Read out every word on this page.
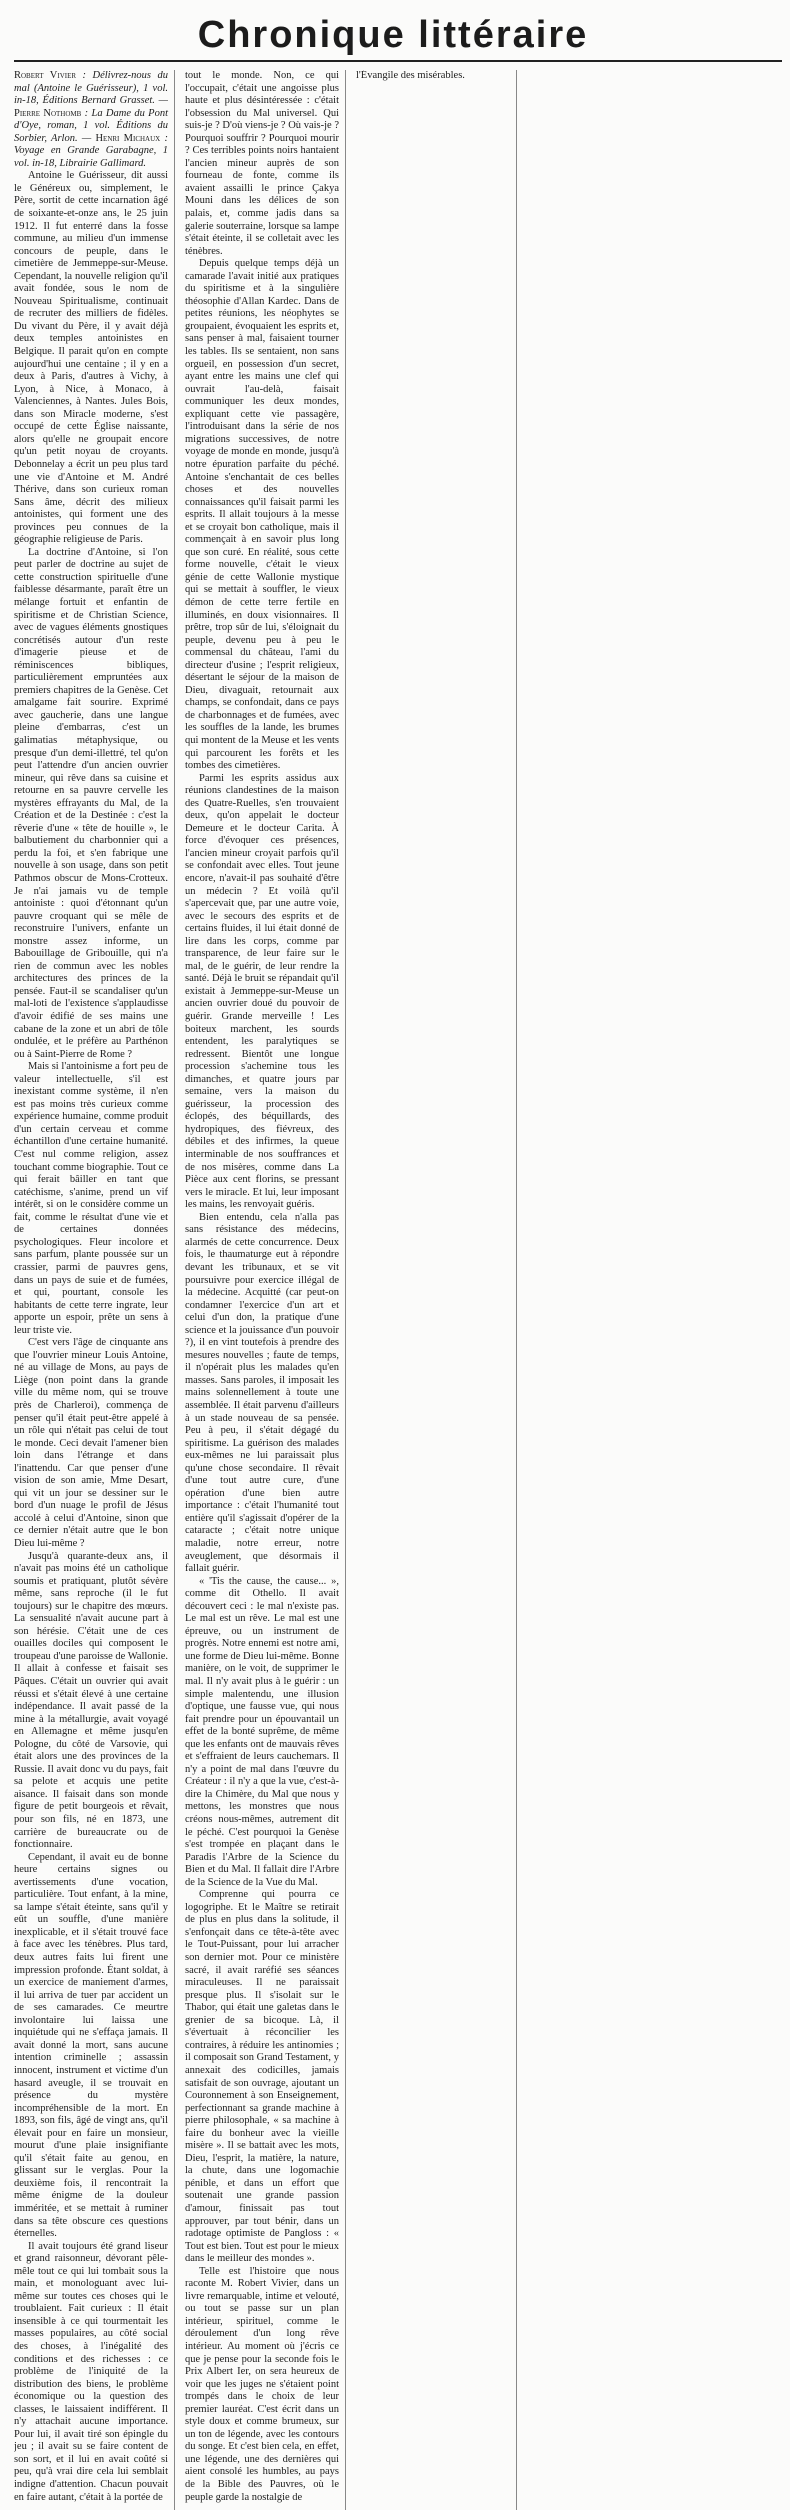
Chronique littéraire

Robert Vivier : Délivrez-nous du mal (Antoine le Guérisseur), 1 vol. in-18, Éditions Bernard Grasset. — Pierre Nothomb : La Dame du Pont d'Oye, roman, 1 vol. Éditions du Sorbier, Arlon. — Henri Michaux : Voyage en Grande Garabagne, 1 vol. in-18, Librairie Gallimard.

Antoine le Guérisseur, dit aussi le Généreux ou, simplement, le Père, sortit de cette incarnation âgé de soixante-et-onze ans, le 25 juin 1912. Il fut enterré dans la fosse commune, au milieu d'un immense concours de peuple, dans le cimetière de Jemmeppe-sur-Meuse. Cependant, la nouvelle religion qu'il avait fondée, sous le nom de Nouveau Spiritualisme, continuait de recruter des milliers de fidèles. Du vivant du Père, il y avait déjà deux temples antoinistes en Belgique. Il parait qu'on en compte aujourd'hui une centaine ; il y en a deux à Paris, d'autres à Vichy, à Lyon, à Nice, à Monaco, à Valenciennes, à Nantes. Jules Bois, dans son Miracle moderne, s'est occupé de cette Église naissante, alors qu'elle ne groupait encore qu'un petit noyau de croyants. Debonnelay a écrit un peu plus tard une vie d'Antoine et M. André Thérive, dans son curieux roman Sans âme, décrit des milieux antoinistes, qui forment une des provinces peu connues de la géographie religieuse de Paris.

La doctrine d'Antoine, si l'on peut parler de doctrine au sujet de cette construction spirituelle d'une faiblesse désarmante, paraît être un mélange fortuit et enfantin de spiritisme et de Christian Science, avec de vagues éléments gnostiques concrétisés autour d'un reste d'imagerie pieuse et de réminiscences bibliques, particulièrement empruntées aux premiers chapitres de la Genèse. Cet amalgame fait sourire. Exprimé avec gaucherie, dans une langue pleine d'embarras, c'est un galimatias métaphysique, ou presque d'un demi-illettré, tel qu'on peut l'attendre d'un ancien ouvrier mineur, qui rêve dans sa cuisine et retourne en sa pauvre cervelle les mystères effrayants du Mal, de la Création et de la Destinée : c'est la rêverie d'une « tête de houille », le balbutiement du charbonnier qui a perdu la foi, et s'en fabrique une nouvelle à son usage, dans son petit Pathmos obscur de Mons-Crotteux. Je n'ai jamais vu de temple antoiniste : quoi d'étonnant qu'un pauvre croquant qui se mêle de reconstruire l'univers, enfante un monstre assez informe, un Babouillage de Gribouille, qui n'a rien de commun avec les nobles architectures des princes de la pensée. Faut-il se scandaliser qu'un mal-loti de l'existence s'applaudisse d'avoir édifié de ses mains une cabane de la zone et un abri de tôle ondulée, et le préfère au Parthénon ou à Saint-Pierre de Rome ?

Mais si l'antoinisme a fort peu de valeur intellectuelle, s'il est inexistant comme système, il n'en est pas moins très curieux comme expérience humaine, comme produit d'un certain cerveau et comme échantillon d'une certaine humanité. C'est nul comme religion, assez touchant comme biographie. Tout ce qui ferait bâiller en tant que catéchisme, s'anime, prend un vif intérêt, si on le considère comme un fait, comme le résultat d'une vie et de certaines données psychologiques. Fleur incolore et sans parfum, plante poussée sur un crassier, parmi de pauvres gens, dans un pays de suie et de fumées, et qui, pourtant, console les habitants de cette terre ingrate, leur apporte un espoir, prête un sens à leur triste vie.

C'est vers l'âge de cinquante ans que l'ouvrier mineur Louis Antoine, né au village de Mons, au pays de Liège (non point dans la grande ville du même nom, qui se trouve près de Charleroi), commença de penser qu'il était peut-être appelé à un rôle qui n'était pas celui de tout le monde. Ceci devait l'amener bien loin dans l'étrange et dans l'inattendu. Car que penser d'une vision de son amie, Mme Desart, qui vit un jour se dessiner sur le bord d'un nuage le profil de Jésus accolé à celui d'Antoine, sinon que ce dernier n'était autre que le bon Dieu lui-même ?

Jusqu'à quarante-deux ans, il n'avait pas moins été un catholique soumis et pratiquant, plutôt sévère même, sans reproche (il le fut toujours) sur le chapitre des mœurs. La sensualité n'avait aucune part à son hérésie. C'était une de ces ouailles dociles qui composent le troupeau d'une paroisse de Wallonie. Il allait à confesse et faisait ses Pâques. C'était un ouvrier qui avait réussi et s'était élevé à une certaine indépendance. Il avait passé de la mine à la métallurgie, avait voyagé en Allemagne et même jusqu'en Pologne, du côté de Varsovie, qui était alors une des provinces de la Russie. Il avait donc vu du pays, fait sa pelote et acquis une petite aisance. Il faisait dans son monde figure de petit bourgeois et rêvait, pour son fils, né en 1873, une carrière de bureaucrate ou de fonctionnaire.

Cependant, il avait eu de bonne heure certains signes ou avertissements d'une vocation, particulière. Tout enfant, à la mine, sa lampe s'était éteinte, sans qu'il y eût un souffle, d'une manière inexplicable, et il s'était trouvé face à face avec les ténèbres. Plus tard, deux autres faits lui firent une impression profonde. Étant soldat, à un exercice de maniement d'armes, il lui arriva de tuer par accident un de ses camarades. Ce meurtre involontaire lui laissa une inquiétude qui ne s'effaça jamais. Il avait donné la mort, sans aucune intention criminelle ; assassin innocent, instrument et victime d'un hasard aveugle, il se trouvait en présence du mystère incompréhensible de la mort. En 1893, son fils, âgé de vingt ans, qu'il élevait pour en faire un monsieur, mourut d'une plaie insignifiante qu'il s'était faite au genou, en glissant sur le verglas. Pour la deuxième fois, il rencontrait la même énigme de la douleur imméritée, et se mettait à ruminer dans sa tête obscure ces questions éternelles.

Il avait toujours été grand liseur et grand raisonneur, dévorant pêle-mêle tout ce qui lui tombait sous la main, et monologuant avec lui-même sur toutes ces choses qui le troublaient. Fait curieux : Il était insensible à ce qui tourmentait les masses populaires, au côté social des choses, à l'inégalité des conditions et des richesses : ce problème de l'iniquité de la distribution des biens, le problème économique ou la question des classes, le laissaient indifférent. Il n'y attachait aucune importance. Pour lui, il avait tiré son épingle du jeu ; il avait su se faire content de son sort, et il lui en avait coûté si peu, qu'à vrai dire cela lui semblait indigne d'attention. Chacun pouvait en faire autant, c'était à la portée de

tout le monde. Non, ce qui l'occupait, c'était une angoisse plus haute et plus désintéressée : c'était l'obsession du Mal universel. Qui suis-je ? D'où viens-je ? Où vais-je ? Pourquoi souffrir ? Pourquoi mourir ? Ces terribles points noirs hantaient l'ancien mineur auprès de son fourneau de fonte, comme ils avaient assailli le prince Çakya Mouni dans les délices de son palais, et, comme jadis dans sa galerie souterraine, lorsque sa lampe s'était éteinte, il se colletait avec les ténèbres.

Depuis quelque temps déjà un camarade l'avait initié aux pratiques du spiritisme et à la singulière théosophie d'Allan Kardec. Dans de petites réunions, les néophytes se groupaient, évoquaient les esprits et, sans penser à mal, faisaient tourner les tables. Ils se sentaient, non sans orgueil, en possession d'un secret, ayant entre les mains une clef qui ouvrait l'au-delà, faisait communiquer les deux mondes, expliquant cette vie passagère, l'introduisant dans la série de nos migrations successives, de notre voyage de monde en monde, jusqu'à notre épuration parfaite du péché. Antoine s'enchantait de ces belles choses et des nouvelles connaissances qu'il faisait parmi les esprits. Il allait toujours à la messe et se croyait bon catholique, mais il commençait à en savoir plus long que son curé. En réalité, sous cette forme nouvelle, c'était le vieux génie de cette Wallonie mystique qui se mettait à souffler, le vieux démon de cette terre fertile en illuminés, en doux visionnaires. Il prêtre, trop sûr de lui, s'éloignait du peuple, devenu peu à peu le commensal du château, l'ami du directeur d'usine ; l'esprit religieux, désertant le séjour de la maison de Dieu, divaguait, retournait aux champs, se confondait, dans ce pays de charbonnages et de fumées, avec les souffles de la lande, les brumes qui montent de la Meuse et les vents qui parcourent les forêts et les tombes des cimetières.

Parmi les esprits assidus aux réunions clandestines de la maison des Quatre-Ruelles, s'en trouvaient deux, qu'on appelait le docteur Demeure et le docteur Carita. À force d'évoquer ces présences, l'ancien mineur croyait parfois qu'il se confondait avec elles. Tout jeune encore, n'avait-il pas souhaité d'être un médecin ? Et voilà qu'il s'apercevait que, par une autre voie, avec le secours des esprits et de certains fluides, il lui était donné de lire dans les corps, comme par transparence, de leur faire sur le mal, de le guérir, de leur rendre la santé. Déjà le bruit se répandait qu'il existait à Jemmeppe-sur-Meuse un ancien ouvrier doué du pouvoir de guérir. Grande merveille ! Les boiteux marchent, les sourds entendent, les paralytiques se redressent. Bientôt une longue procession s'achemine tous les dimanches, et quatre jours par semaine, vers la maison du guérisseur, la procession des éclopés, des béquillards, des hydropiques, des fiévreux, des débiles et des infirmes, la queue interminable de nos souffrances et de nos misères, comme dans La Pièce aux cent florins, se pressant vers le miracle. Et lui, leur imposant les mains, les renvoyait guéris.

Bien entendu, cela n'alla pas sans résistance des médecins, alarmés de cette concurrence. Deux fois, le thaumaturge eut à répondre devant les tribunaux, et se vit poursuivre pour exercice illégal de la médecine. Acquitté (car peut-on condamner l'exercice d'un art et celui d'un don, la pratique d'une science et la jouissance d'un pouvoir ?), il en vint toutefois à prendre des mesures nouvelles ; faute de temps, il n'opérait plus les malades qu'en masses. Sans paroles, il imposait les mains solennellement à toute une assemblée. Il était parvenu d'ailleurs à un stade nouveau de sa pensée. Peu à peu, il s'était dégagé du spiritisme. La guérison des malades eux-mêmes ne lui paraissait plus qu'une chose secondaire. Il rêvait d'une tout autre cure, d'une opération d'une bien autre importance : c'était l'humanité tout entière qu'il s'agissait d'opérer de la cataracte ; c'était notre unique maladie, notre erreur, notre aveuglement, que désormais il fallait guérir.

« 'Tis the cause, the cause... », comme dit Othello. Il avait découvert ceci : le mal n'existe pas. Le mal est un rêve. Le mal est une épreuve, ou un instrument de progrès. Notre ennemi est notre ami, une forme de Dieu lui-même. Bonne manière, on le voit, de supprimer le mal. Il n'y avait plus à le guérir : un simple malentendu, une illusion d'optique, une fausse vue, qui nous fait prendre pour un épouvantail un effet de la bonté suprême, de même que les enfants ont de mauvais rêves et s'effraient de leurs cauchemars. Il n'y a point de mal dans l'œuvre du Créateur : il n'y a que la vue, c'est-à-dire la Chimère, du Mal que nous y mettons, les monstres que nous créons nous-mêmes, autrement dit le péché. C'est pourquoi la Genèse s'est trompée en plaçant dans le Paradis l'Arbre de la Science du Bien et du Mal. Il fallait dire l'Arbre de la Science de la Vue du Mal.

Comprenne qui pourra ce logogriphe. Et le Maître se retirait de plus en plus dans la solitude, il s'enfonçait dans ce tête-à-tête avec le Tout-Puissant, pour lui arracher son dernier mot. Pour ce ministère sacré, il avait raréfié ses séances miraculeuses. Il ne paraissait presque plus. Il s'isolait sur le Thabor, qui était une galetas dans le grenier de sa bicoque. Là, il s'évertuait à réconcilier les contraires, à réduire les antinomies ; il composait son Grand Testament, y annexait des codicilles, jamais satisfait de son ouvrage, ajoutant un Couronnement à son Enseignement, perfectionnant sa grande machine à pierre philosophale, « sa machine à faire du bonheur avec la vieille misère ». Il se battait avec les mots, Dieu, l'esprit, la matière, la nature, la chute, dans une logomachie pénible, et dans un effort que soutenait une grande passion d'amour, finissait pas tout approuver, par tout bénir, dans un radotage optimiste de Pangloss : « Tout est bien. Tout est pour le mieux dans le meilleur des mondes ».

Telle est l'histoire que nous raconte M. Robert Vivier, dans un livre remarquable, intime et velouté, ou tout se passe sur un plan intérieur, spirituel, comme le déroulement d'un long rêve intérieur. Au moment où j'écris ce que je pense pour la seconde fois le Prix Albert Ier, on sera heureux de voir que les juges ne s'étaient point trompés dans le choix de leur premier lauréat. C'est écrit dans un style doux et comme brumeux, sur un ton de légende, avec les contours du songe. Et c'est bien cela, en effet, une légende, une des dernières qui aient consolé les humbles, au pays de la Bible des Pauvres, où le peuple garde la nostalgie de

l'Évangile des misérables.
